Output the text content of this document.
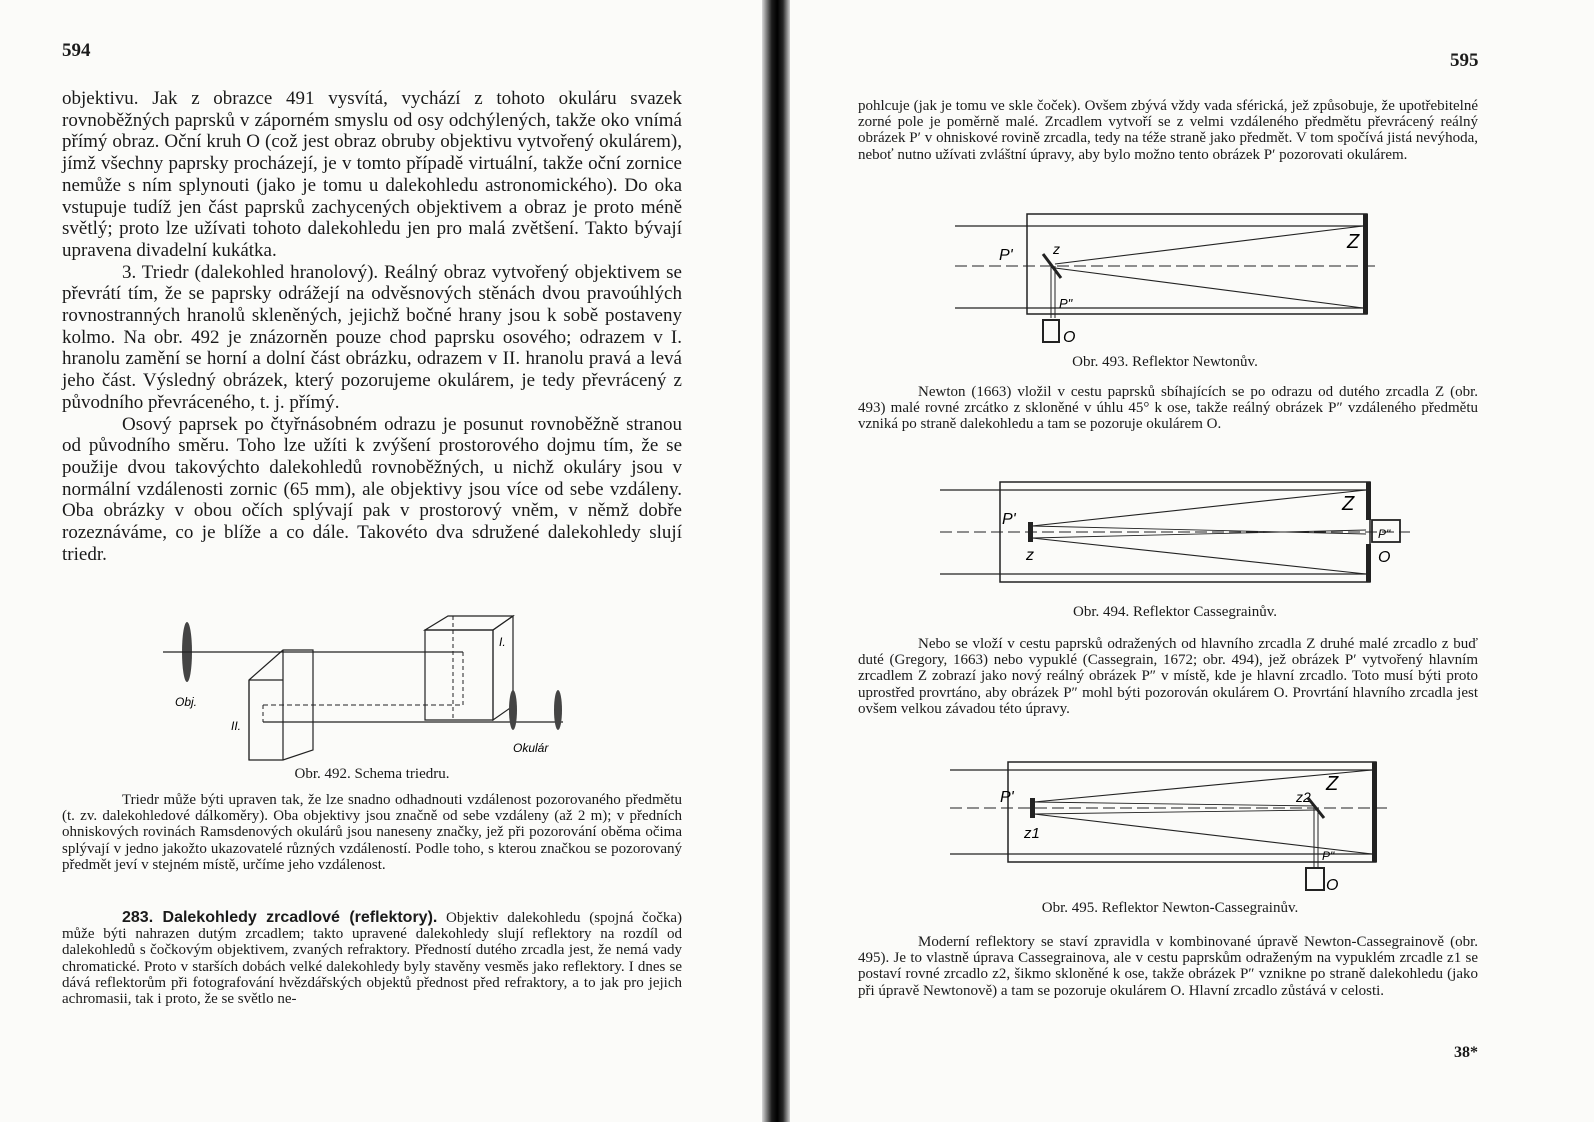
594

objektivu. Jak z obrazce 491 vysvítá, vychází z tohoto okuláru svazek rovnoběžných paprsků v záporném smyslu od osy odchýlených, takže oko vnímá přímý obraz. Oční kruh O (což jest obraz obruby objektivu vytvořený okulárem), jímž všechny paprsky procházejí, je v tomto případě virtuální, takže oční zornice nemůže s ním splynouti (jako je tomu u dalekohledu astronomického). Do oka vstupuje tudíž jen část paprsků zachycených objektivem a obraz je proto méně světlý; proto lze užívati tohoto dalekohledu jen pro malá zvětšení. Takto bývají upravena divadelní kukátka.

3. Triedr (dalekohled hranolový). Reálný obraz vytvořený objektivem se převrátí tím, že se paprsky odrážejí na odvěsnových stěnách dvou pravoúhlých rovnostranných hranolů skleněných, jejichž bočné hrany jsou k sobě postaveny kolmo. Na obr. 492 je znázorněn pouze chod paprsku osového; odrazem v I. hranolu zamění se horní a dolní část obrázku, odrazem v II. hranolu pravá a levá jeho část. Výsledný obrázek, který pozorujeme okulárem, je tedy převrácený z původního převráceného, t. j. přímý.

Osový paprsek po čtyřnásobném odrazu je posunut rovnoběžně stranou od původního směru. Toho lze užíti k zvýšení prostorového dojmu tím, že se použije dvou takovýchto dalekohledů rovnoběžných, u nichž okuláry jsou v normální vzdálenosti zornic (65 mm), ale objektivy jsou více od sebe vzdáleny. Oba obrázky v obou očích splývají pak v prostorový vněm, v němž dobře rozeznáváme, co je blíže a co dále. Takovéto dva sdružené dalekohledy slují triedr.

Obj.
I.
II.
Okulár
Obr. 492. Schema triedru.

Triedr může býti upraven tak, že lze snadno odhadnouti vzdálenost pozorovaného předmětu (t. zv. dalekohledové dálkoměry). Oba objektivy jsou značně od sebe vzdáleny (až 2 m); v předních ohniskových rovinách Ramsdenových okulárů jsou naneseny značky, jež při pozorování oběma očima splývají v jedno jakožto ukazovatelé různých vzdáleností. Podle toho, s kterou značkou se pozorovaný předmět jeví v stejném místě, určíme jeho vzdálenost.

283. Dalekohledy zrcadlové (reflektory). Objektiv dalekohledu (spojná čočka) může býti nahrazen dutým zrcadlem; takto upravené dalekohledy slují reflektory na rozdíl od dalekohledů s čočkovým objektivem, zvaných refraktory. Předností dutého zrcadla jest, že nemá vady chromatické. Proto v starších dobách velké dalekohledy byly stavěny vesměs jako reflektory. I dnes se dává reflektorům při fotografování hvězdářských objektů přednost před refraktory, a to jak pro jejich achromasii, tak i proto, že se světlo ne-

595

pohlcuje (jak je tomu ve skle čoček). Ovšem zbývá vždy vada sférická, jež způsobuje, že upotřebitelné zorné pole je poměrně malé. Zrcadlem vytvoří se z velmi vzdáleného předmětu převrácený reálný obrázek P′ v ohniskové rovině zrcadla, tedy na téže straně jako předmět. V tom spočívá jistá nevýhoda, neboť nutno užívati zvláštní úpravy, aby bylo možno tento obrázek P′ pozorovati okulárem.

P'	z	Z
P"
O
Obr. 493. Reflektor Newtonův.

Newton (1663) vložil v cestu paprsků sbíhajících se po odrazu od dutého zrcadla Z (obr. 493) malé rovné zrcátko z skloněné v úhlu 45° k ose, takže reálný obrázek P″ vzdáleného předmětu vzniká po straně dalekohledu a tam se pozoruje okulárem O.

P'
z
Z
P"
O
Obr. 494. Reflektor Cassegrainův.

Nebo se vloží v cestu paprsků odražených od hlavního zrcadla Z druhé malé zrcadlo z buď duté (Gregory, 1663) nebo vypuklé (Cassegrain, 1672; obr. 494), jež obrázek P′ vytvořený hlavním zrcadlem Z zobrazí jako nový reálný obrázek P″ v místě, kde je hlavní zrcadlo. Toto musí býti proto uprostřed provrtáno, aby obrázek P″ mohl býti pozorován okulárem O. Provrtání hlavního zrcadla jest ovšem velkou závadou této úpravy.

P'
z1
z2
Z
P"
O
Obr. 495. Reflektor Newton-Cassegrainův.

Moderní reflektory se staví zpravidla v kombinované úpravě Newton-Cassegrainově (obr. 495). Je to vlastně úprava Cassegrainova, ale v cestu paprskům odraženým na vypuklém zrcadle z1 se postaví rovné zrcadlo z2, šikmo skloněné k ose, takže obrázek P″ vznikne po straně dalekohledu (jako při úpravě Newtonově) a tam se pozoruje okulárem O. Hlavní zrcadlo zůstává v celosti.

38*
